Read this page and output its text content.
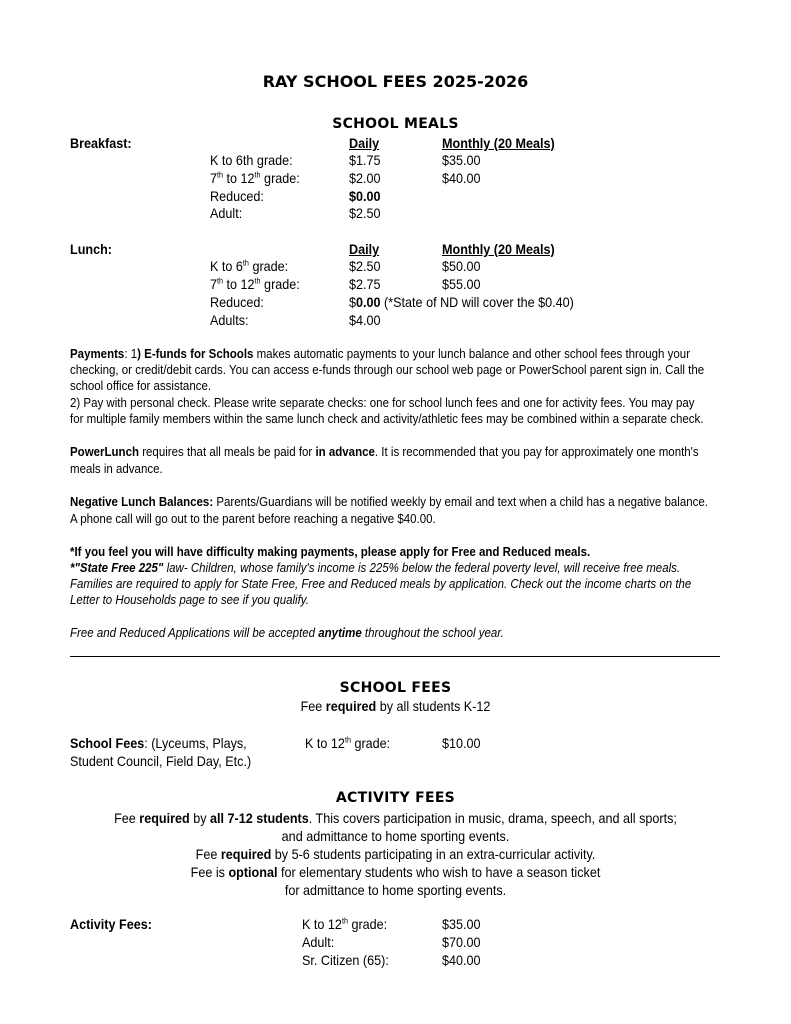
RAY SCHOOL FEES 2025-2026
SCHOOL MEALS
Breakfast:	Daily	Monthly (20 Meals)
K to 6th grade:	$1.75	$35.00
7th to 12th grade:	$2.00	$40.00
Reduced:	$0.00
Adult:	$2.50
Lunch:	Daily	Monthly (20 Meals)
K to 6th grade:	$2.50	$50.00
7th to 12th grade:	$2.75	$55.00
Reduced:	$0.00 (*State of ND will cover the $0.40)
Adults:	$4.00
Payments: 1) E-funds for Schools makes automatic payments to your lunch balance and other school fees through your
checking, or credit/debit cards. You can access e-funds through our school web page or PowerSchool parent sign in. Call the
school office for assistance.
2) Pay with personal check. Please write separate checks: one for school lunch fees and one for activity fees. You may pay
for multiple family members within the same lunch check and activity/athletic fees may be combined within a separate check.
PowerLunch requires that all meals be paid for in advance. It is recommended that you pay for approximately one month's
meals in advance.
Negative Lunch Balances: Parents/Guardians will be notified weekly by email and text when a child has a negative balance.
A phone call will go out to the parent before reaching a negative $40.00.
*If you feel you will have difficulty making payments, please apply for Free and Reduced meals.
*"State Free 225" law- Children, whose family's income is 225% below the federal poverty level, will receive free meals.
Families are required to apply for State Free, Free and Reduced meals by application. Check out the income charts on the
Letter to Households page to see if you qualify.
Free and Reduced Applications will be accepted anytime throughout the school year.
SCHOOL FEES
Fee required by all students K-12
School Fees: (Lyceums, Plays,
Student Council, Field Day, Etc.)
K to 12th grade:	$10.00
ACTIVITY FEES
Fee required by all 7-12 students. This covers participation in music, drama, speech, and all sports;
and admittance to home sporting events.
Fee required by 5-6 students participating in an extra-curricular activity.
Fee is optional for elementary students who wish to have a season ticket
for admittance to home sporting events.
Activity Fees:	K to 12th grade:	$35.00
Adult:	$70.00
Sr. Citizen (65):	$40.00
